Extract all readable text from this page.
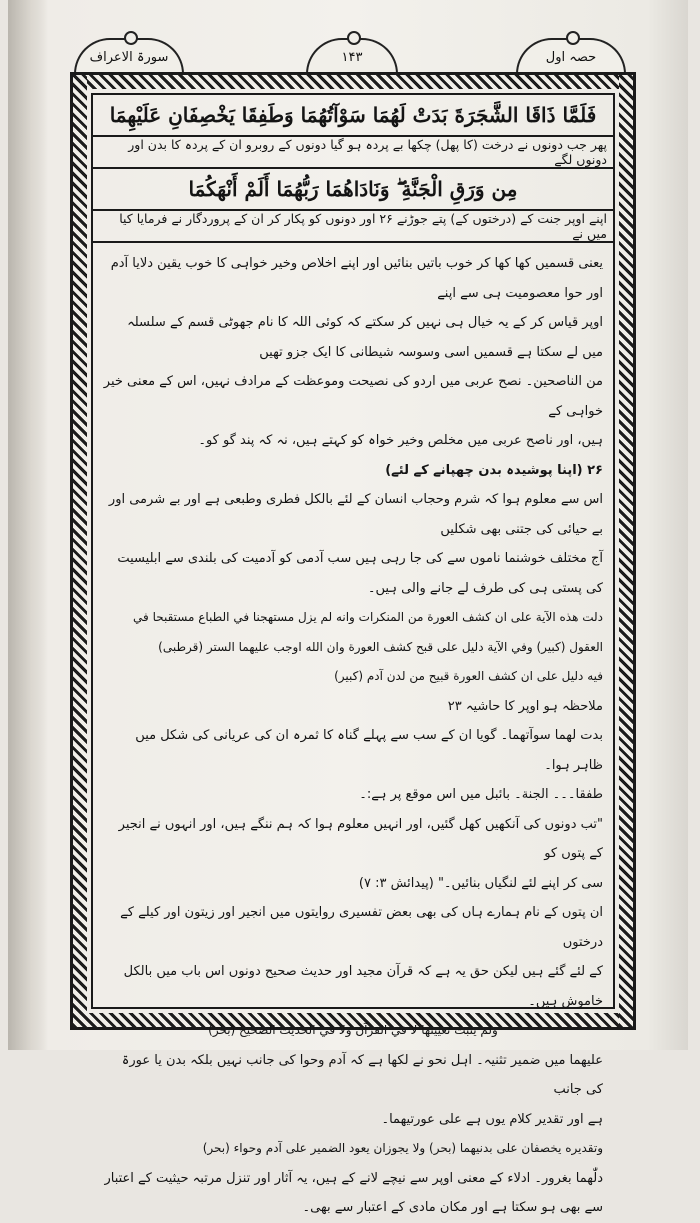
سورۃ الاعراف	۱۴۳	حصہ اول
فَلَمَّا ذَاقَا الشَّجَرَةَ بَدَتْ لَهُمَا سَوْآتُهُمَا وَطَفِقَا يَخْصِفَانِ عَلَيْهِمَا
پھر جب دونوں نے درخت (کا پھل) چکھا بے پردہ ہو گیا دونوں کے روبرو ان کے پردہ کا بدن اور دونوں لگے
مِن وَرَقِ الْجَنَّةِ ۖ وَنَادَاهُمَا رَبُّهُمَا أَلَمْ أَنْهَكُمَا
اپنے اوپر جنت کے (درختوں کے) پتے جوڑنے ۲۶ اور دونوں کو پکار کر ان کے پروردگار نے فرمایا کیا میں نے

یعنی قسمیں کھا کھا کر خوب باتیں بنائیں اور اپنے اخلاص وخیر خواہی کا خوب یقین دلایا آدم اور حوا معصومیت ہی سے اپنے

اوپر قیاس کر کے یہ خیال ہی نہیں کر سکتے کہ کوئی اللہ کا نام جھوٹی قسم کے سلسلہ میں لے سکتا ہے قسمیں اسی وسوسہ شیطانی کا ایک جزو تھیں

من الناصحین۔ نصح عربی میں اردو کی نصیحت وموعظت کے مرادف نہیں، اس کے معنی خیر خواہی کے

ہیں، اور ناصح عربی میں مخلص وخیر خواہ کو کہتے ہیں، نہ کہ پند گو کو۔

۲۶ (اپنا پوشیدہ بدن چھپانے کے لئے)

اس سے معلوم ہوا کہ شرم وحجاب انسان کے لئے بالکل فطری وطبعی ہے اور بے شرمی اور بے حیائی کی جتنی بھی شکلیں

آج مختلف خوشنما ناموں سے کی جا رہی ہیں سب آدمی کو آدمیت کی بلندی سے ابلیسیت کی پستی ہی کی طرف لے جانے والی ہیں۔

دلت هذه الآية على ان كشف العورة من المنكرات وانه لم يزل مستهجنا في الطباع مستقبحا في

العقول (کبیر) وفي الآية دليل على قبح كشف العورة وان الله اوجب عليهما الستر (قرطبی)

فيه دليل على ان كشف العورة قبيح من لدن آدم (کبیر)

ملاحظہ ہو اوپر کا حاشیہ ۲۳

بدت لهما سوآتهما۔ گویا ان کے سب سے پہلے گناہ کا ثمرہ ان کی عریانی کی شکل میں ظاہر ہوا۔

طفقا۔۔۔ الجنة۔ بائبل میں اس موقع پر ہے:۔

"تب دونوں کی آنکھیں کھل گئیں، اور انہیں معلوم ہوا کہ ہم ننگے ہیں، اور انہوں نے انجیر کے پتوں کو

سی کر اپنے لئے لنگیاں بنائیں۔" (پیدائش ۳: ۷)

ان پتوں کے نام ہمارے ہاں کی بھی بعض تفسیری روایتوں میں انجیر اور زیتون اور کیلے کے درختوں

کے لئے گئے ہیں لیکن حق یہ ہے کہ قرآن مجید اور حدیث صحیح دونوں اس باب میں بالکل خاموش ہیں۔

ولم يثبت تعيينها لا في القرآن ولا في الحديث الصحيح (بحر)

علیھما میں ضمیر تثنیہ۔ اہل نحو نے لکھا ہے کہ آدم وحوا کی جانب نہیں بلکہ بدن یا عورۃ کی جانب

ہے اور تقدیر کلام یوں ہے علی عورتیهما۔

وتقديره يخصفان على بدنيهما (بحر) ولا يجوزان يعود الضمير على آدم وحواء (بحر)

دلّٰهما بغرور۔ ادلاء کے معنی اوپر سے نیچے لانے کے ہیں، یہ آثار اور تنزل مرتبہ حیثیت کے اعتبار

سے بھی ہو سکتا ہے اور مکان مادی کے اعتبار سے بھی۔
